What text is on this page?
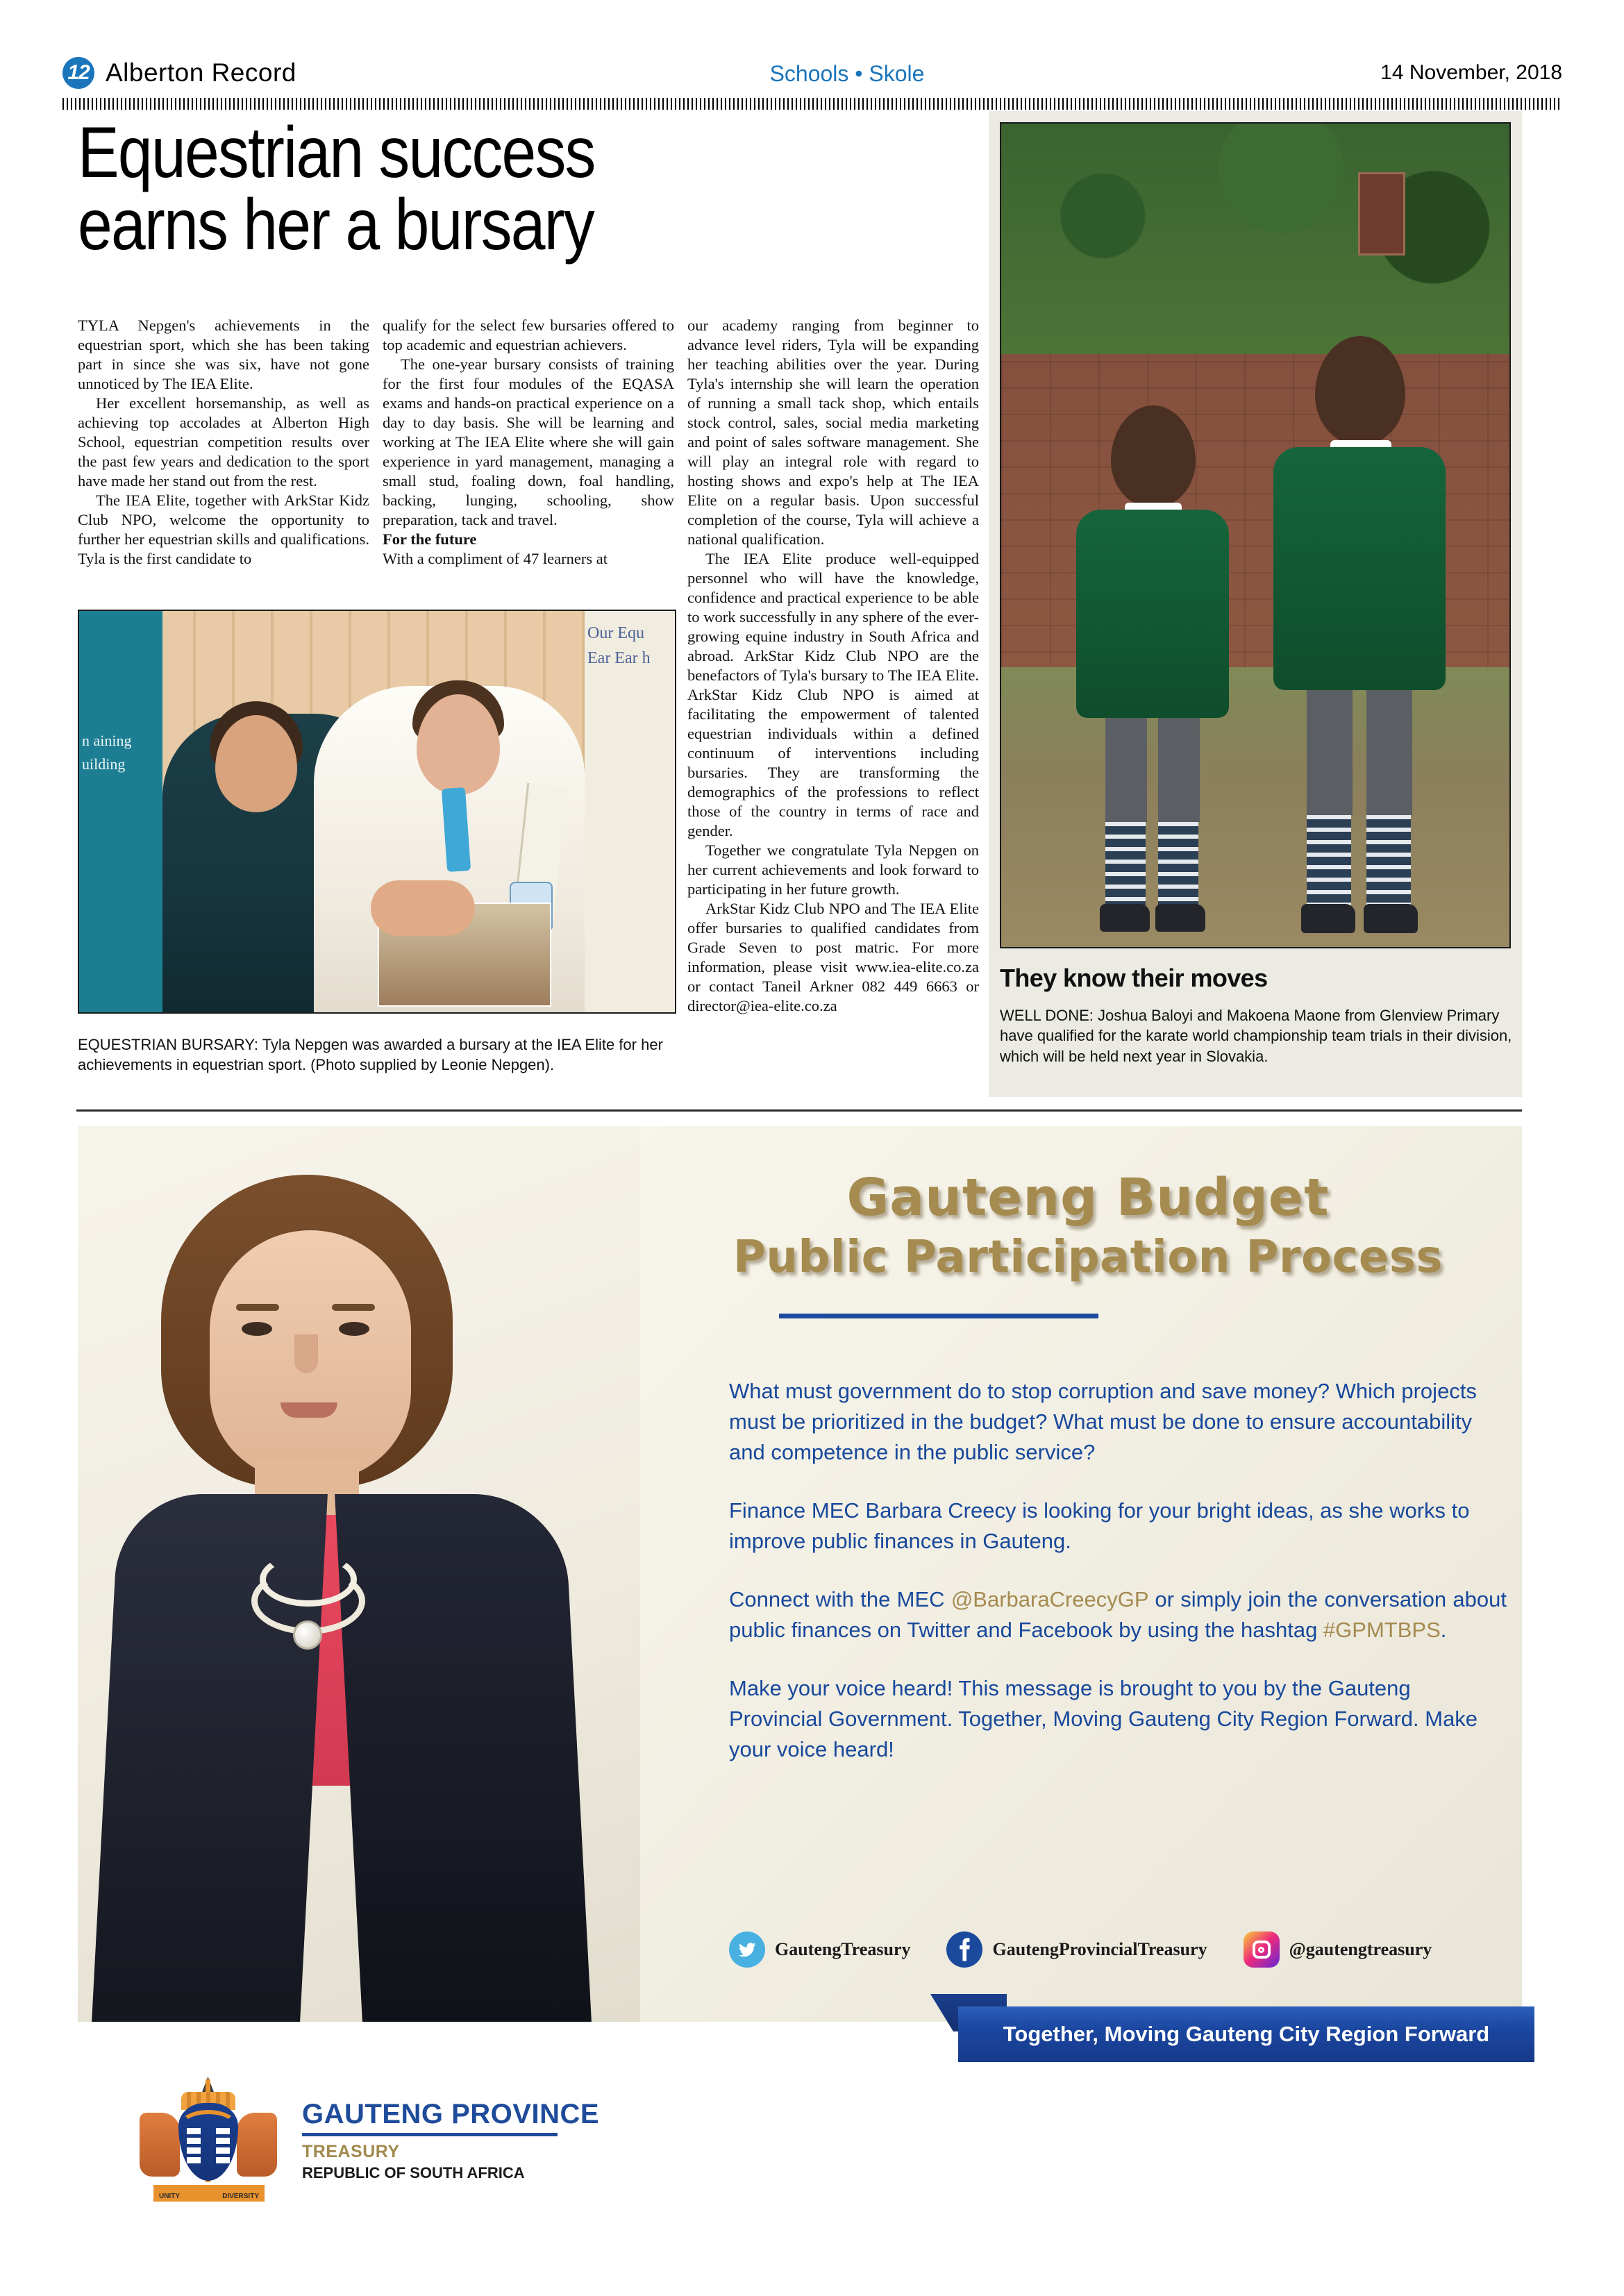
12 Alberton Record	Schools • Skole	14 November, 2018
Equestrian success
earns her a bursary

TYLA Nepgen's achievements in the equestrian sport, which she has been taking part in since she was six, have not gone unnoticed by The IEA Elite.

Her excellent horsemanship, as well as achieving top accolades at Alberton High School, equestrian competition results over the past few years and dedication to the sport have made her stand out from the rest.

The IEA Elite, together with ArkStar Kidz Club NPO, welcome the opportunity to further her equestrian skills and qualifications. Tyla is the first candidate to

qualify for the select few bursaries offered to top academic and equestrian achievers.

The one-year bursary consists of training for the first four modules of the EQASA exams and hands-on practical experience on a day to day basis. She will be learning and working at The IEA Elite where she will gain experience in yard management, managing a small stud, foaling down, foal handling, backing, lunging, schooling, show preparation, tack and travel.

For the future

With a compliment of 47 learners at

our academy ranging from beginner to advance level riders, Tyla will be expanding her teaching abilities over the year. During Tyla's internship she will learn the operation of running a small tack shop, which entails stock control, sales, social media marketing and point of sales software management. She will play an integral role with regard to hosting shows and expo's help at The IEA Elite on a regular basis. Upon successful completion of the course, Tyla will achieve a national qualification.

The IEA Elite produce well-equipped personnel who will have the knowledge, confidence and practical experience to be able to work successfully in any sphere of the ever-growing equine industry in South Africa and abroad. ArkStar Kidz Club NPO are the benefactors of Tyla's bursary to The IEA Elite. ArkStar Kidz Club NPO is aimed at facilitating the empowerment of talented equestrian individuals within a defined continuum of interventions including bursaries. They are transforming the demographics of the professions to reflect those of the country in terms of race and gender.

Together we congratulate Tyla Nepgen on her current achievements and look forward to participating in her future growth.

ArkStar Kidz Club NPO and The IEA Elite offer bursaries to qualified candidates from Grade Seven to post matric. For more information, please visit www.iea-elite.co.za or contact Taneil Arkner 082 449 6663 or director@iea-elite.co.za

n aining uilding
Our Equ Ear Ear h
EQUESTRIAN BURSARY: Tyla Nepgen was awarded a bursary at the IEA Elite for her achievements in equestrian sport. (Photo supplied by Leonie Nepgen).
They know their moves
WELL DONE: Joshua Baloyi and Makoena Maone from Glenview Primary have qualified for the karate world championship team trials in their division, which will be held next year in Slovakia.
Gauteng Budget
Public Participation Process

What must government do to stop corruption and save money? Which projects must be prioritized in the budget? What must be done to ensure accountability and competence in the public service?

Finance MEC Barbara Creecy is looking for your bright ideas, as she works to improve public finances in Gauteng.

Connect with the MEC @BarbaraCreecyGP or simply join the conversation about public finances on Twitter and Facebook by using the hashtag #GPMTBPS.

Make your voice heard! This message is brought to you by the Gauteng Provincial Government. Together, Moving Gauteng City Region Forward. Make your voice heard!

GautengTreasury	GautengProvincialTreasury	@gautengtreasury
Together, Moving Gauteng City Region Forward
UNITY	DIVERSITY
GAUTENG PROVINCE
TREASURY
REPUBLIC OF SOUTH AFRICA
